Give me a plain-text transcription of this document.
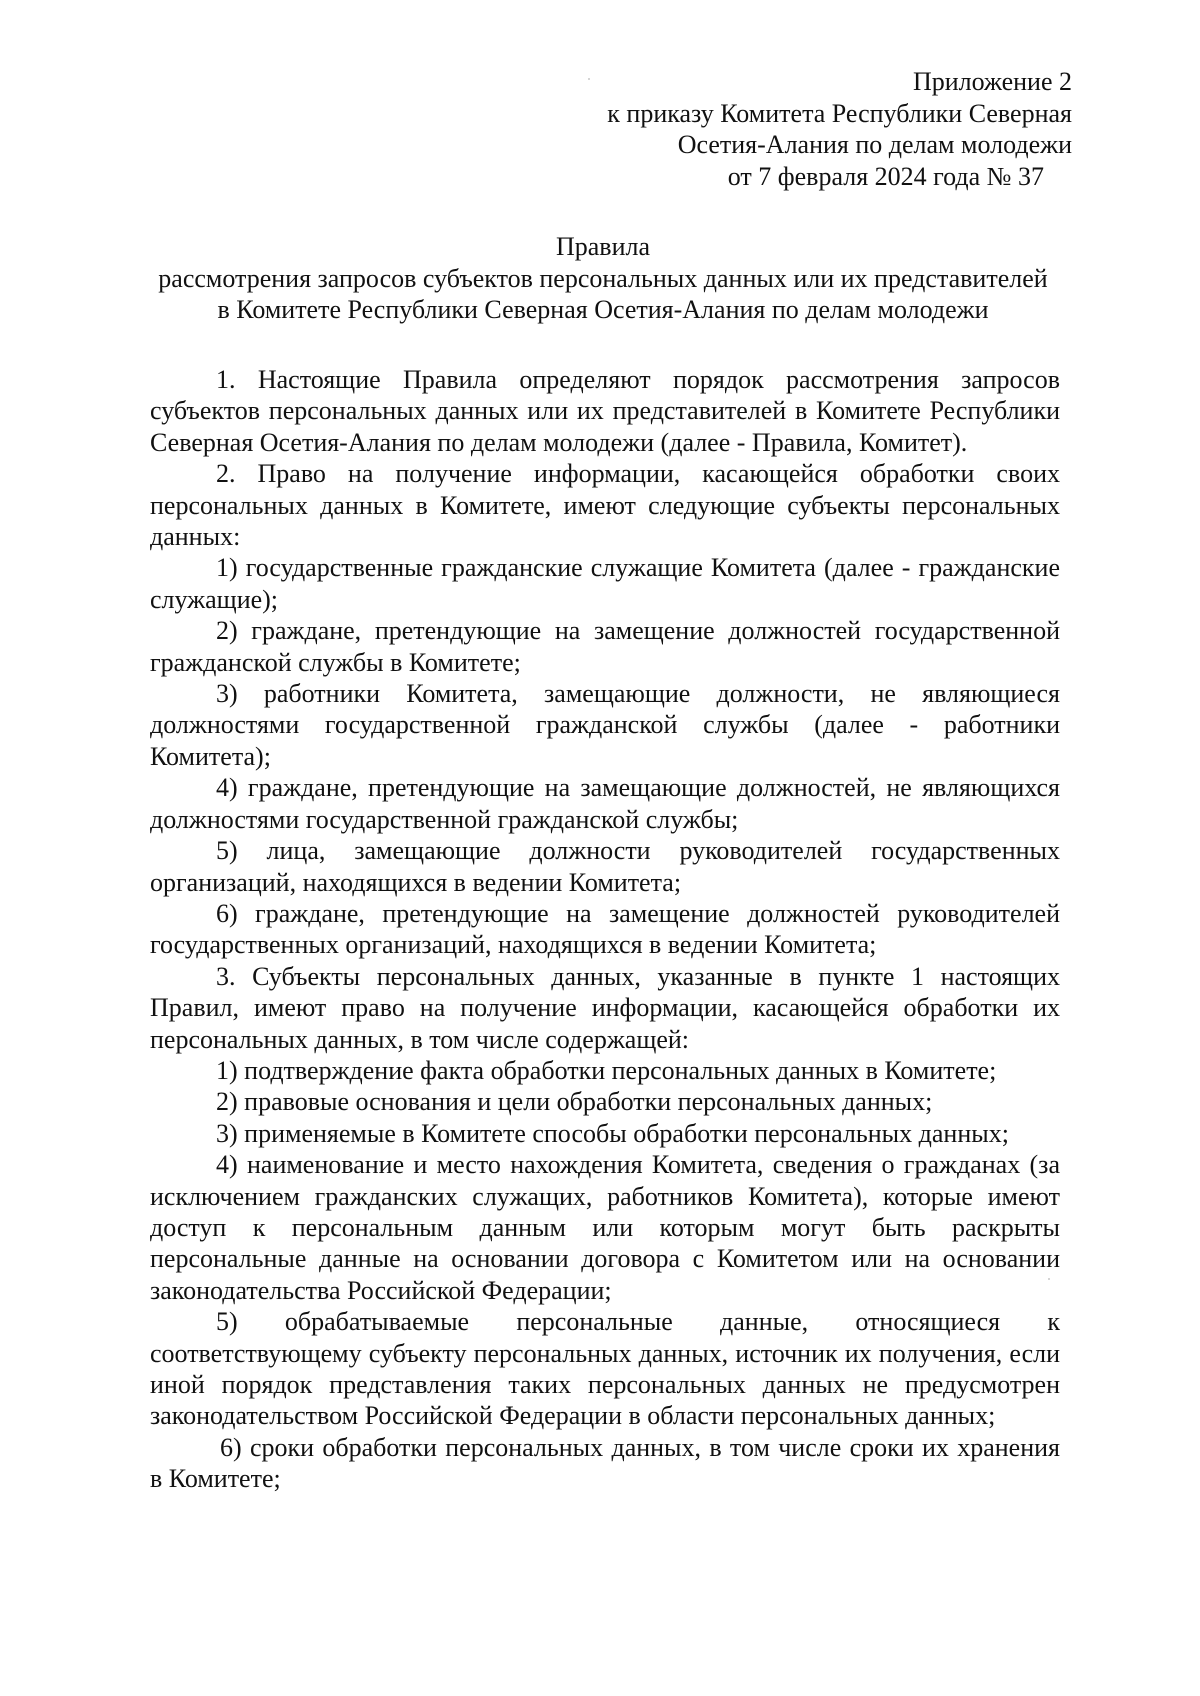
Приложение 2
к приказу Комитета Республики Северная
Осетия-Алания по делам молодежи
от 7 февраля 2024 года № 37
Правила
рассмотрения запросов субъектов персональных данных или их представителей
в Комитете Республики Северная Осетия-Алания по делам молодежи

1. Настоящие Правила определяют порядок рассмотрения запросов субъектов персональных данных или их представителей в Комитете Республики Северная Осетия-Алания по делам молодежи (далее - Правила, Комитет).

2. Право на получение информации, касающейся обработки своих персональных данных в Комитете, имеют следующие субъекты персональных данных:

1) государственные гражданские служащие Комитета (далее - гражданские служащие);

2) граждане, претендующие на замещение должностей государственной гражданской службы в Комитете;

3) работники Комитета, замещающие должности, не являющиеся должностями государственной гражданской службы (далее - работники Комитета);

4) граждане, претендующие на замещающие должностей, не являющихся должностями государственной гражданской службы;

5) лица, замещающие должности руководителей государственных организаций, находящихся в ведении Комитета;

6) граждане, претендующие на замещение должностей руководителей государственных организаций, находящихся в ведении Комитета;

3. Субъекты персональных данных, указанные в пункте 1 настоящих Правил, имеют право на получение информации, касающейся обработки их персональных данных, в том числе содержащей:

1) подтверждение факта обработки персональных данных в Комитете;

2) правовые основания и цели обработки персональных данных;

3) применяемые в Комитете способы обработки персональных данных;

4) наименование и место нахождения Комитета, сведения о гражданах (за исключением гражданских служащих, работников Комитета), которые имеют доступ к персональным данным или которым могут быть раскрыты персональные данные на основании договора с Комитетом или на основании законодательства Российской Федерации;

5) обрабатываемые персональные данные, относящиеся к соответствующему субъекту персональных данных, источник их получения, если иной порядок представления таких персональных данных не предусмотрен законодательством Российской Федерации в области персональных данных;

6) сроки обработки персональных данных, в том числе сроки их хранения в Комитете;
